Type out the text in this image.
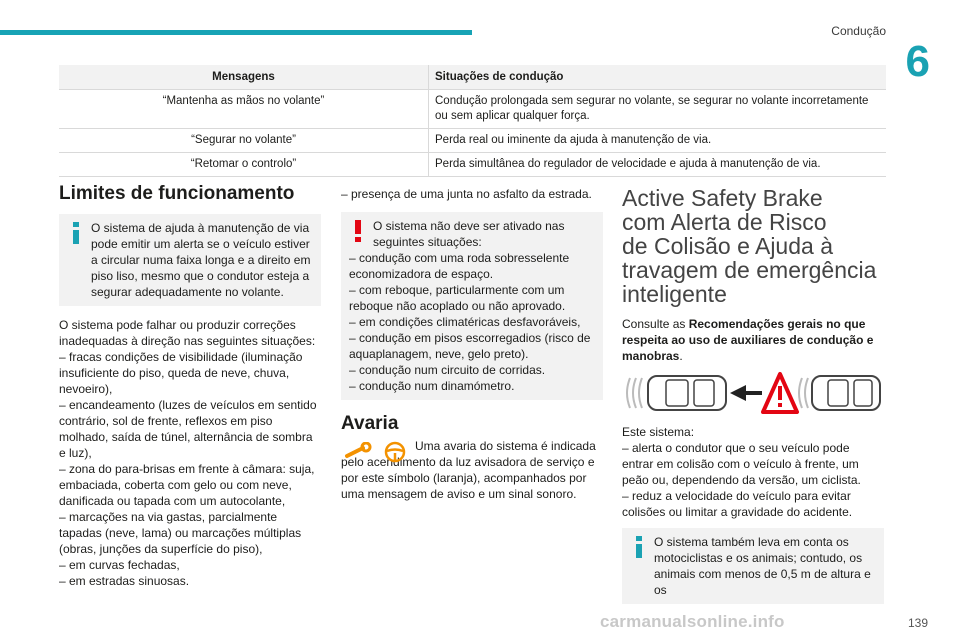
Condução
6
Mensagens	Situações de condução
“Mantenha as mãos no volante”	Condução prolongada sem segurar no volante, se segurar no volante incorretamente ou sem aplicar qualquer força.
“Segurar no volante”	Perda real ou iminente da ajuda à manutenção de via.
“Retomar o controlo”	Perda simultânea do regulador de velocidade e ajuda à manutenção de via.
Limites de funcionamento

O sistema de ajuda à manutenção de via pode emitir um alerta se o veículo estiver a circular numa faixa longa e a direito em piso liso, mesmo que o condutor esteja a segurar adequadamente no volante.

O sistema pode falhar ou produzir correções inadequadas à direção nas seguintes situações:

– fracas condições de visibilidade (iluminação insuficiente do piso, queda de neve, chuva, nevoeiro),
– encandeamento (luzes de veículos em sentido contrário, sol de frente, reflexos em piso molhado, saída de túnel, alternância de sombra e luz),
– zona do para-brisas em frente à câmara: suja, embaciada, coberta com gelo ou com neve, danificada ou tapada com um autocolante,
– marcações na via gastas, parcialmente tapadas (neve, lama) ou marcações múltiplas (obras, junções da superfície do piso),
– em curvas fechadas,
– em estradas sinuosas.

– presença de uma junta no asfalto da estrada.

O sistema não deve ser ativado nas seguintes situações:

– condução com uma roda sobresselente economizadora de espaço.
– com reboque, particularmente com um reboque não acoplado ou não aprovado.
– em condições climatéricas desfavoráveis,
– condução em pisos escorregadios (risco de aquaplanagem, neve, gelo preto).
– condução num circuito de corridas.
– condução num dinamómetro.
Avaria

Uma avaria do sistema é indicada pelo acendimento da luz avisadora de serviço e por este símbolo (laranja), acompanhados por uma mensagem de aviso e um sinal sonoro.

Active Safety Brake
com Alerta de Risco
de Colisão e Ajuda à
travagem de emergência
inteligente

Consulte as Recomendações gerais no que respeita ao uso de auxiliares de condução e manobras.

Este sistema:

– alerta o condutor que o seu veículo pode entrar em colisão com o veículo à frente, um peão ou, dependendo da versão, um ciclista.
– reduz a velocidade do veículo para evitar colisões ou limitar a gravidade do acidente.

O sistema também leva em conta os motociclistas e os animais; contudo, os animais com menos de 0,5 m de altura e os

carmanualsonline.info	139
